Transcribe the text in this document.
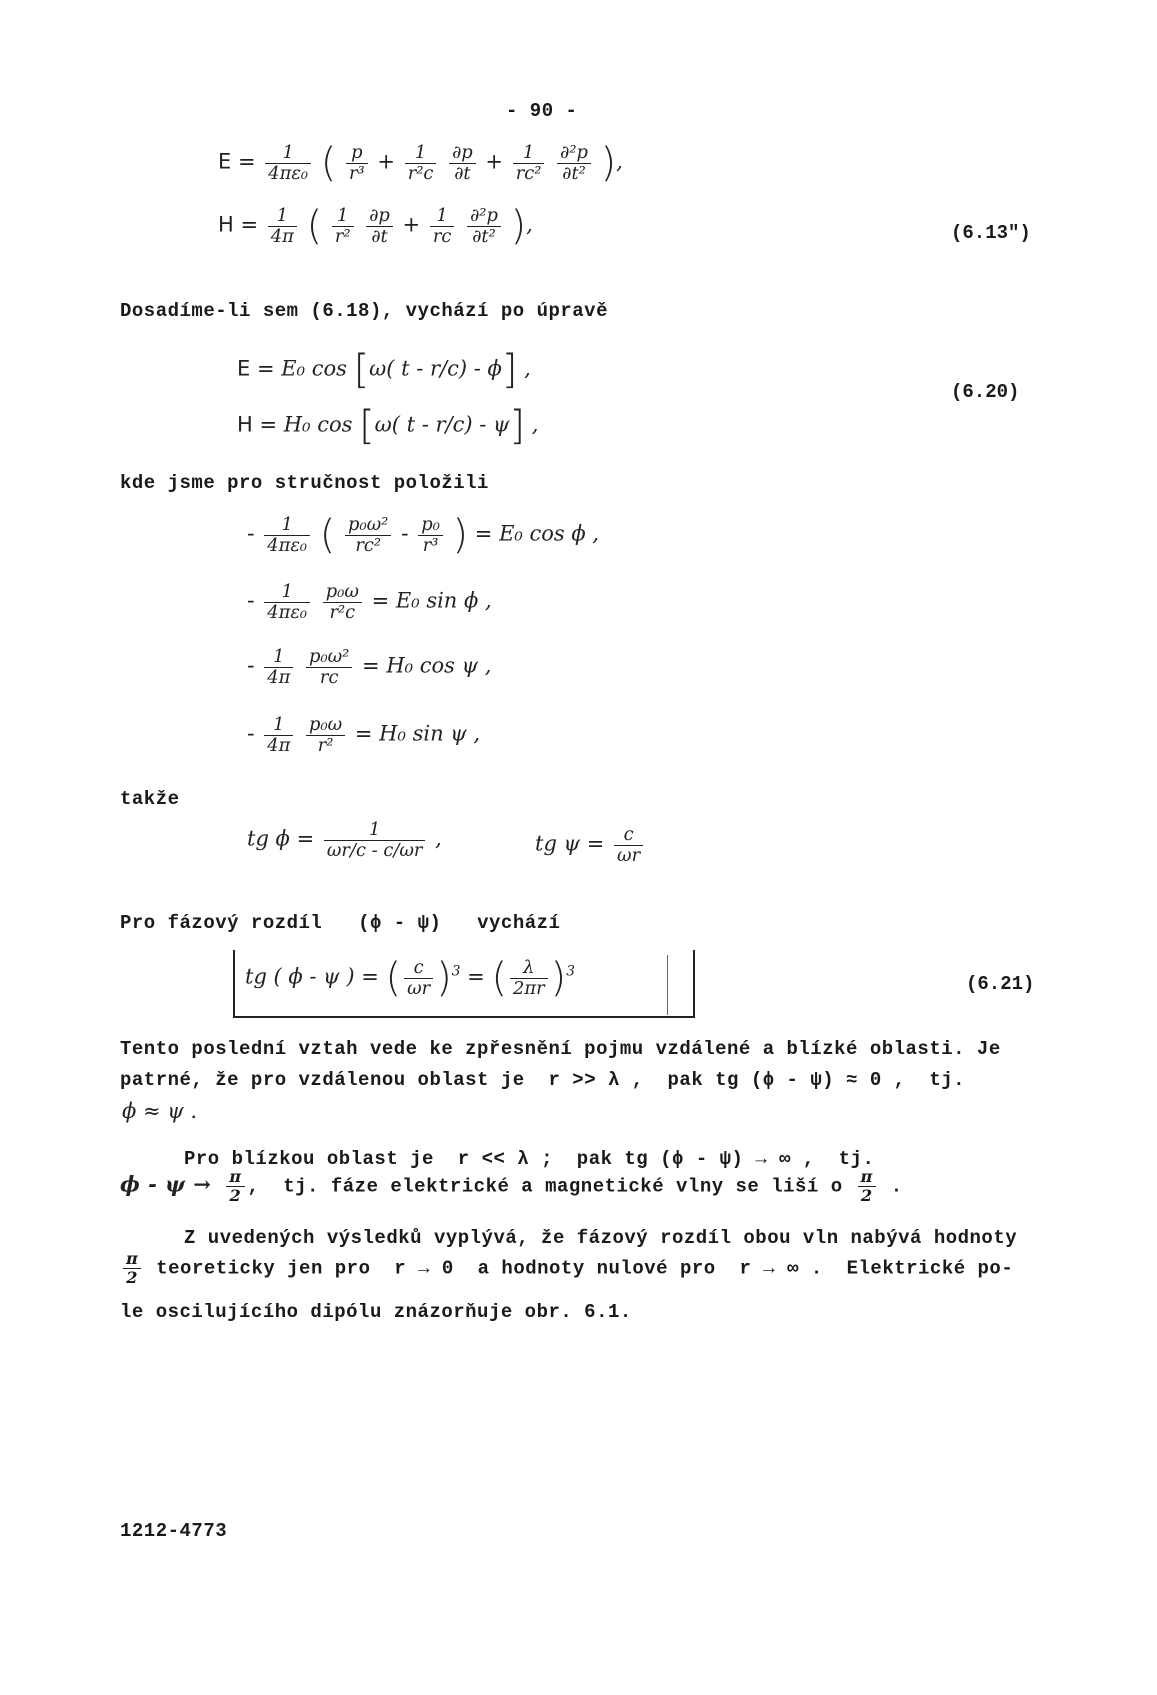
- 90 -
$E = \frac{1}{\text{4πε₀}}$ ( $\frac{p}{\text{r³}} + \frac{1}{\text{r²c}}$
$\frac{\partial p}{\partial t} + \frac{1}{\text{rc²}}$
$\frac{\text{∂²p}}{\text{∂t²}}$ ),
$H = \frac{1}{4\pi}$ ( $\frac{1}{\text{r²}}$
$\frac{\partial p}{\partial t} + \frac{1}{rc}$
$\frac{\text{∂²p}}{\text{∂t²}}$ ),	(6.13")
Dosadíme-li sem (6.18), vychází po úpravě
E = E₀ cos [ω( t - r/c) - ϕ] ,
H = H₀ cos [ω( t - r/c) - ψ] ,
(6.20)
kde jsme pro stručnost položili
- $\frac{1}{\text{4πε₀}}$ ( $\frac{\text{p₀ω²}}{\text{rc²}} - \frac{\text{p₀}}{\text{r³}}$ ) = E₀ cos ϕ ,
- $\frac{1}{\text{4πε₀}}$
$\frac{\text{p₀ω}}{\text{r²c}} = E_0$ sin ϕ ,
- $\frac{1}{4\pi}$
$\frac{\text{p₀ω²}}{rc} = H_0$ cos ψ ,
- $\frac{1}{4\pi}$
$\frac{\text{p₀ω}}{\text{r²}} = H_0$ sin ψ ,
takže
tg $\phi = \frac{1}{\omega r/c - c/\omega r}$ ,	tg $\psi = \frac{c}{\omega r}$
Pro fázový rozdíl (ϕ - ψ) vychází
tg ( ϕ - ψ ) = ( $\frac{c}{\omega r} )^3$ = ( $\frac{\lambda}{2\pi r} )^3$
(6.21)
Tento poslední vztah vede ke zpřesnění pojmu vzdálené a blízké oblasti. Je
patrné, že pro vzdálenou oblast je r >> λ , pak tg (ϕ - ψ) ≈ 0 , tj.
ϕ ≈ ψ .
Pro blízkou oblast je r << λ ; pak tg (ϕ - ψ) → ∞ , tj.
$\phi - \psi \to \frac{\pi}{2}$ , tj. fáze elektrické a magnetické vlny se liší o $\frac{\pi}{2}$ .
Z uvedených výsledků vyplývá, že fázový rozdíl obou vln nabývá hodnoty
$\frac{\pi}{2}$ teoreticky jen pro r → 0 a hodnoty nulové pro r → ∞ . Elektrické po-
le oscilujícího dipólu znázorňuje obr. 6.1.
1212-4773
